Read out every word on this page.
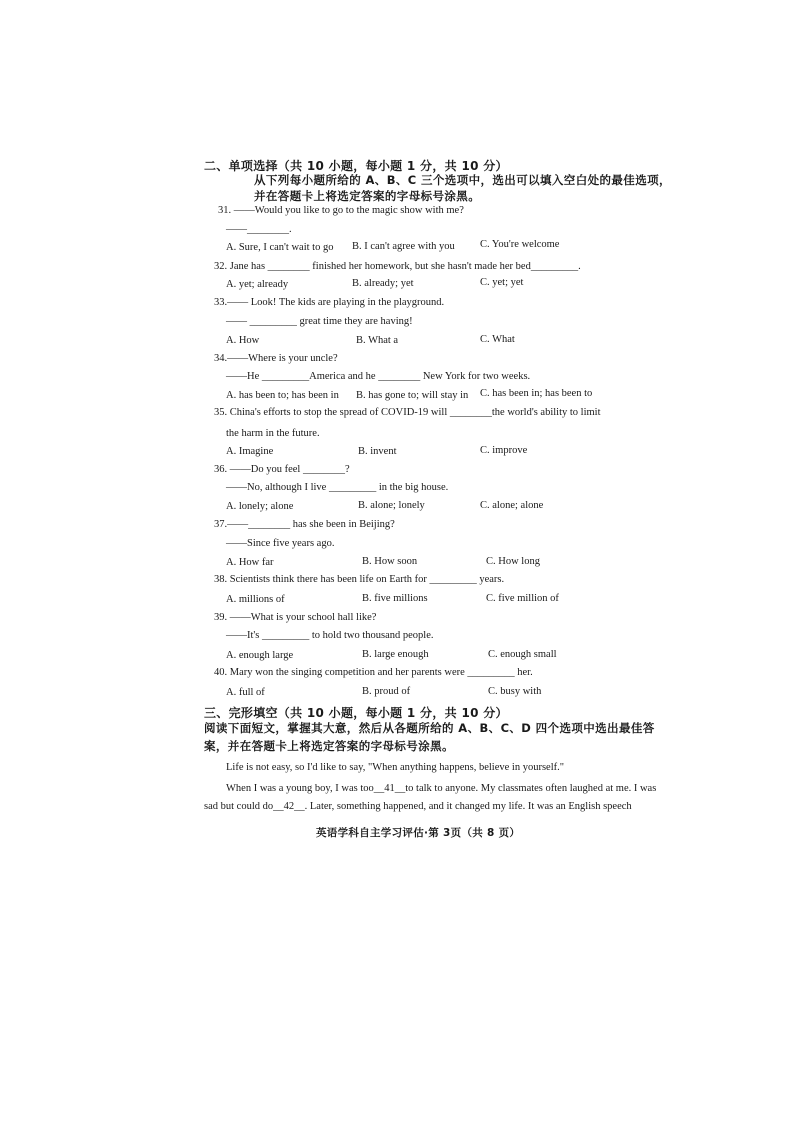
二、单项选择（共 10 小题，每小题 1 分，共 10 分）
从下列每小题所给的 A、B、C 三个选项中，选出可以填入空白处的最佳选项，
并在答题卡上将选定答案的字母标号涂黑。
31. ——Would you like to go to the magic show with me?
——________.
A. Sure, I can't wait to go B. I can't agree with you C. You're welcome
32. Jane has ________ finished her homework, but she hasn't made her bed_________.
A. yet; already	B. already; yet	C. yet; yet
33.—— Look! The kids are playing in the playground.
—— _________ great time they are having!
A. How	B. What a	C. What
34.——Where is your uncle?
——He _________America and he ________ New York for two weeks.
A. has been to; has been in B. has gone to; will stay in C. has been in; has been to
35. China's efforts to stop the spread of COVID-19 will ________the world's ability to limit
the harm in the future.
A. Imagine	B. invent	C. improve
36. ——Do you feel ________?
——No, although I live _________ in the big house.
A. lonely; alone	B. alone; lonely	C. alone; alone
37.——________ has she been in Beijing?
——Since five years ago.
A. How far	B. How soon	C. How long
38. Scientists think there has been life on Earth for _________ years.
A. millions of	B. five millions	C. five million of
39. ——What is your school hall like?
——It's _________ to hold two thousand people.
A. enough large	B. large enough	C. enough small
40. Mary won the singing competition and her parents were _________ her.
A. full of	B. proud of	C. busy with
三、完形填空（共 10 小题，每小题 1 分，共 10 分）
阅读下面短文，掌握其大意，然后从各题所给的 A、B、C、D 四个选项中选出最佳答
案，并在答题卡上将选定答案的字母标号涂黑。
Life is not easy, so I'd like to say, "When anything happens, believe in yourself."
When I was a young boy, I was too__41__to talk to anyone. My classmates often laughed at me. I was
sad but could do__42__. Later, something happened, and it changed my life. It was an English speech
英语学科自主学习评估·第 3页（共 8 页）
